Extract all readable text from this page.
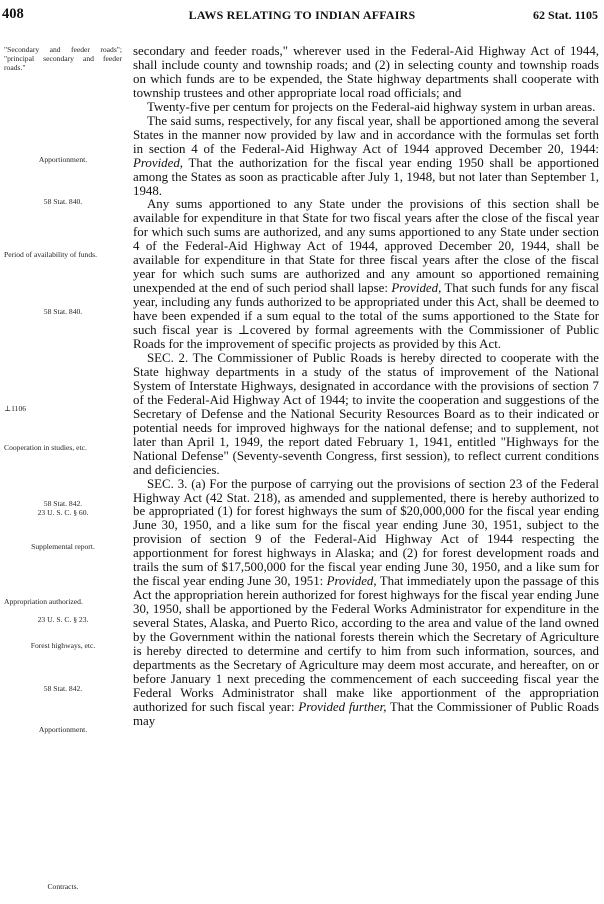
408	LAWS RELATING TO INDIAN AFFAIRS	62 Stat. 1105
"Secondary and feeder roads"; "principal secondary and feeder roads."
Apportionment.
58 Stat. 840.
Period of availability of funds.
58 Stat. 840.
⊥1106
Cooperation in studies, etc.
58 Stat. 842.
23 U. S. C. § 60.
Supplemental report.
Appropriation authorized.
23 U. S. C. § 23.
Forest highways, etc.
58 Stat. 842.
Apportionment.
Contracts.

secondary and feeder roads," wherever used in the Federal-Aid Highway Act of 1944, shall include county and township roads; and (2) in selecting county and township roads on which funds are to be expended, the State highway departments shall cooperate with township trustees and other appropriate local road officials; and

Twenty-five per centum for projects on the Federal-aid highway system in urban areas.

The said sums, respectively, for any fiscal year, shall be apportioned among the several States in the manner now provided by law and in accordance with the formulas set forth in section 4 of the Federal-Aid Highway Act of 1944 approved December 20, 1944: Provided, That the authorization for the fiscal year ending 1950 shall be apportioned among the States as soon as practicable after July 1, 1948, but not later than September 1, 1948.

Any sums apportioned to any State under the provisions of this section shall be available for expenditure in that State for two fiscal years after the close of the fiscal year for which such sums are authorized, and any sums apportioned to any State under section 4 of the Federal-Aid Highway Act of 1944, approved December 20, 1944, shall be available for expenditure in that State for three fiscal years after the close of the fiscal year for which such sums are authorized and any amount so apportioned remaining unexpended at the end of such period shall lapse: Provided, That such funds for any fiscal year, including any funds authorized to be appropriated under this Act, shall be deemed to have been expended if a sum equal to the total of the sums apportioned to the State for such fiscal year is ⊥covered by formal agreements with the Commissioner of Public Roads for the improvement of specific projects as provided by this Act.

SEC. 2. The Commissioner of Public Roads is hereby directed to cooperate with the State highway departments in a study of the status of improvement of the National System of Interstate Highways, designated in accordance with the provisions of section 7 of the Federal-Aid Highway Act of 1944; to invite the cooperation and suggestions of the Secretary of Defense and the National Security Resources Board as to their indicated or potential needs for improved highways for the national defense; and to supplement, not later than April 1, 1949, the report dated February 1, 1941, entitled "Highways for the National Defense" (Seventy-seventh Congress, first session), to reflect current conditions and deficiencies.

SEC. 3. (a) For the purpose of carrying out the provisions of section 23 of the Federal Highway Act (42 Stat. 218), as amended and supplemented, there is hereby authorized to be appropriated (1) for forest highways the sum of $20,000,000 for the fiscal year ending June 30, 1950, and a like sum for the fiscal year ending June 30, 1951, subject to the provision of section 9 of the Federal-Aid Highway Act of 1944 respecting the apportionment for forest highways in Alaska; and (2) for forest development roads and trails the sum of $17,500,000 for the fiscal year ending June 30, 1950, and a like sum for the fiscal year ending June 30, 1951: Provided, That immediately upon the passage of this Act the appropriation herein authorized for forest highways for the fiscal year ending June 30, 1950, shall be apportioned by the Federal Works Administrator for expenditure in the several States, Alaska, and Puerto Rico, according to the area and value of the land owned by the Government within the national forests therein which the Secretary of Agriculture is hereby directed to determine and certify to him from such information, sources, and departments as the Secretary of Agriculture may deem most accurate, and hereafter, on or before January 1 next preceding the commencement of each succeeding fiscal year the Federal Works Administrator shall make like apportionment of the appropriation authorized for such fiscal year: Provided further, That the Commissioner of Public Roads may
